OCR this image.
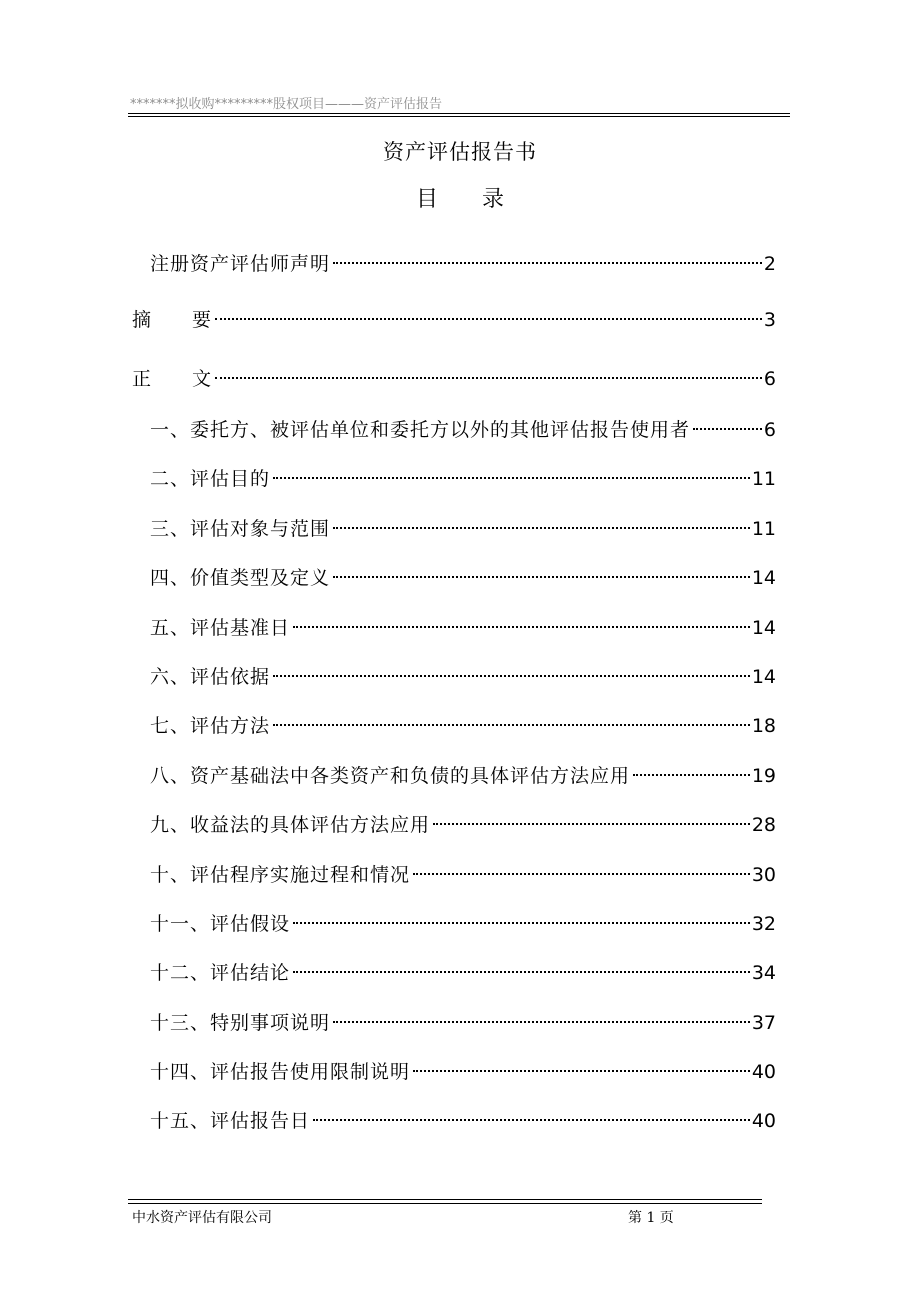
*******拟收购*********股权项目———资产评估报告
资产评估报告书
目　　录
注册资产评估师声明	2
摘　　要	3
正　　文	6
一、委托方、被评估单位和委托方以外的其他评估报告使用者	6
二、评估目的	11
三、评估对象与范围	11
四、价值类型及定义	14
五、评估基准日	14
六、评估依据	14
七、评估方法	18
八、资产基础法中各类资产和负债的具体评估方法应用	19
九、收益法的具体评估方法应用	28
十、评估程序实施过程和情况	30
十一、评估假设	32
十二、评估结论	34
十三、特别事项说明	37
十四、评估报告使用限制说明	40
十五、评估报告日	40
中水资产评估有限公司	第 1 页
